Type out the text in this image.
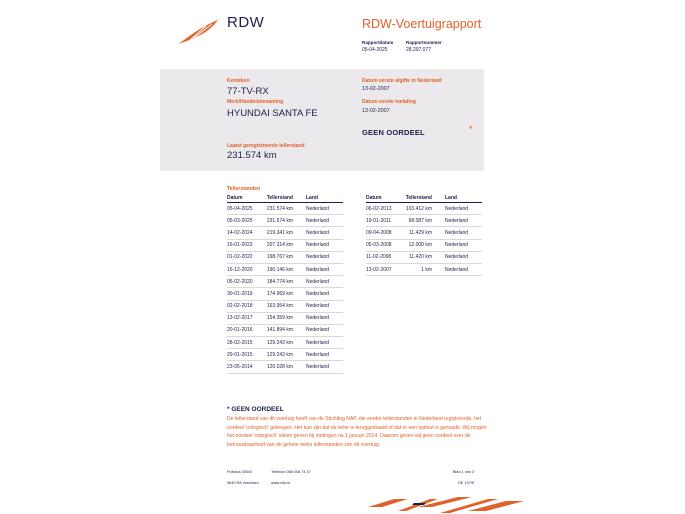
RDW	RDW-Voertuigrapport
Rapportdatum
05-04-2025
Rapportnummer
28.297.077
Kenteken
77-TV-RX
Merk/Handelsbenaming
HYUNDAI SANTA FE
Laatst geregistreerde tellerstand
231.574 km
Datum eerste afgifte in Nederland
13-02-2007
Datum eerste toelating
13-02-2007
GEEN OORDEEL	*
Tellerstanden
Datum	Tellerstand	Land
05-04-2025	231.574 km	Nederland
05-03-2025	231.574 km	Nederland
14-02-2024	219.341 km	Nederland
16-01-2023	207.314 km	Nederland
01-02-2022	198.767 km	Nederland
16-12-2020	190.146 km	Nederland
05-02-2020	184.774 km	Nederland
30-01-2019	174.969 km	Nederland
02-02-2018	163.954 km	Nederland
13-02-2017	154.359 km	Nederland
20-01-2016	141.894 km	Nederland
28-02-2015	129.243 km	Nederland
29-01-2015	129.243 km	Nederland
23-05-2014	120.028 km	Nederland
Datum	Tellerstand	Land
06-02-2013	103.412 km	Nederland
19-01-2011	68.087 km	Nederland
09-04-2008	11.429 km	Nederland
05-03-2008	12.000 km	Nederland
11-02-2008	11.420 km	Nederland
13-02-2007	1 km	Nederland
* GEEN OORDEEL
De tellerstand van dit voertuig heeft van de Stichting NAP, die eerder tellerstanden in Nederland registreerde, het oordeel 'onlogisch' gekregen. Het kan zijn dat de teller is teruggedraaid of dat er een typfout is gemaakt. Wij mogen het oordeel 'onlogisch' alleen geven bij metingen na 1 januari 2014. Daarom geven wij geen oordeel over de betrouwbaarheid van de gehele reeks tellerstanden van dit voertuig.
Postbus 30000
9640 RA Veendam
Telefoon 088 008 74 47
www.rdw.nl
Blad 1 van 3
DE 1979f
